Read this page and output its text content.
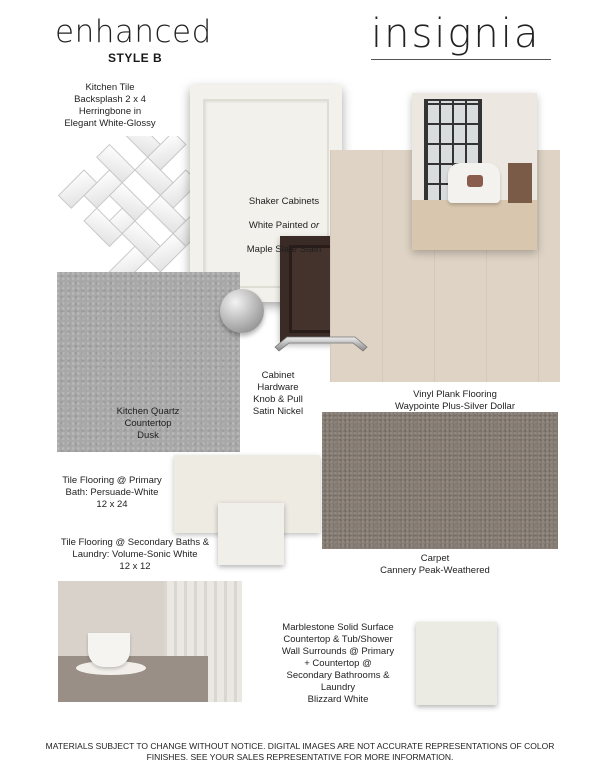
enhanced
STYLE B
insignia
Kitchen Tile
Backsplash 2 x 4
Herringbone in
Elegant White-Glossy

Shaker Cabinets

White Painted or

Maple Slate Stain

Vinyl Plank Flooring
Waypointe Plus-Silver Dollar
Kitchen Quartz
Countertop
Dusk
Cabinet
Hardware
Knob & Pull
Satin Nickel
Carpet
Cannery Peak-Weathered
Tile Flooring @ Primary
Bath: Persuade-White
12 x 24
Tile Flooring @ Secondary Baths &
Laundry: Volume-Sonic White
12 x 12
Marblestone Solid Surface
Countertop & Tub/Shower
Wall Surrounds @ Primary
+ Countertop @
Secondary Bathrooms &
Laundry
Blizzard White
MATERIALS SUBJECT TO CHANGE WITHOUT NOTICE. DIGITAL IMAGES ARE NOT ACCURATE REPRESENTATIONS OF COLOR FINISHES. SEE YOUR SALES REPRESENTATIVE FOR MORE INFORMATION.
